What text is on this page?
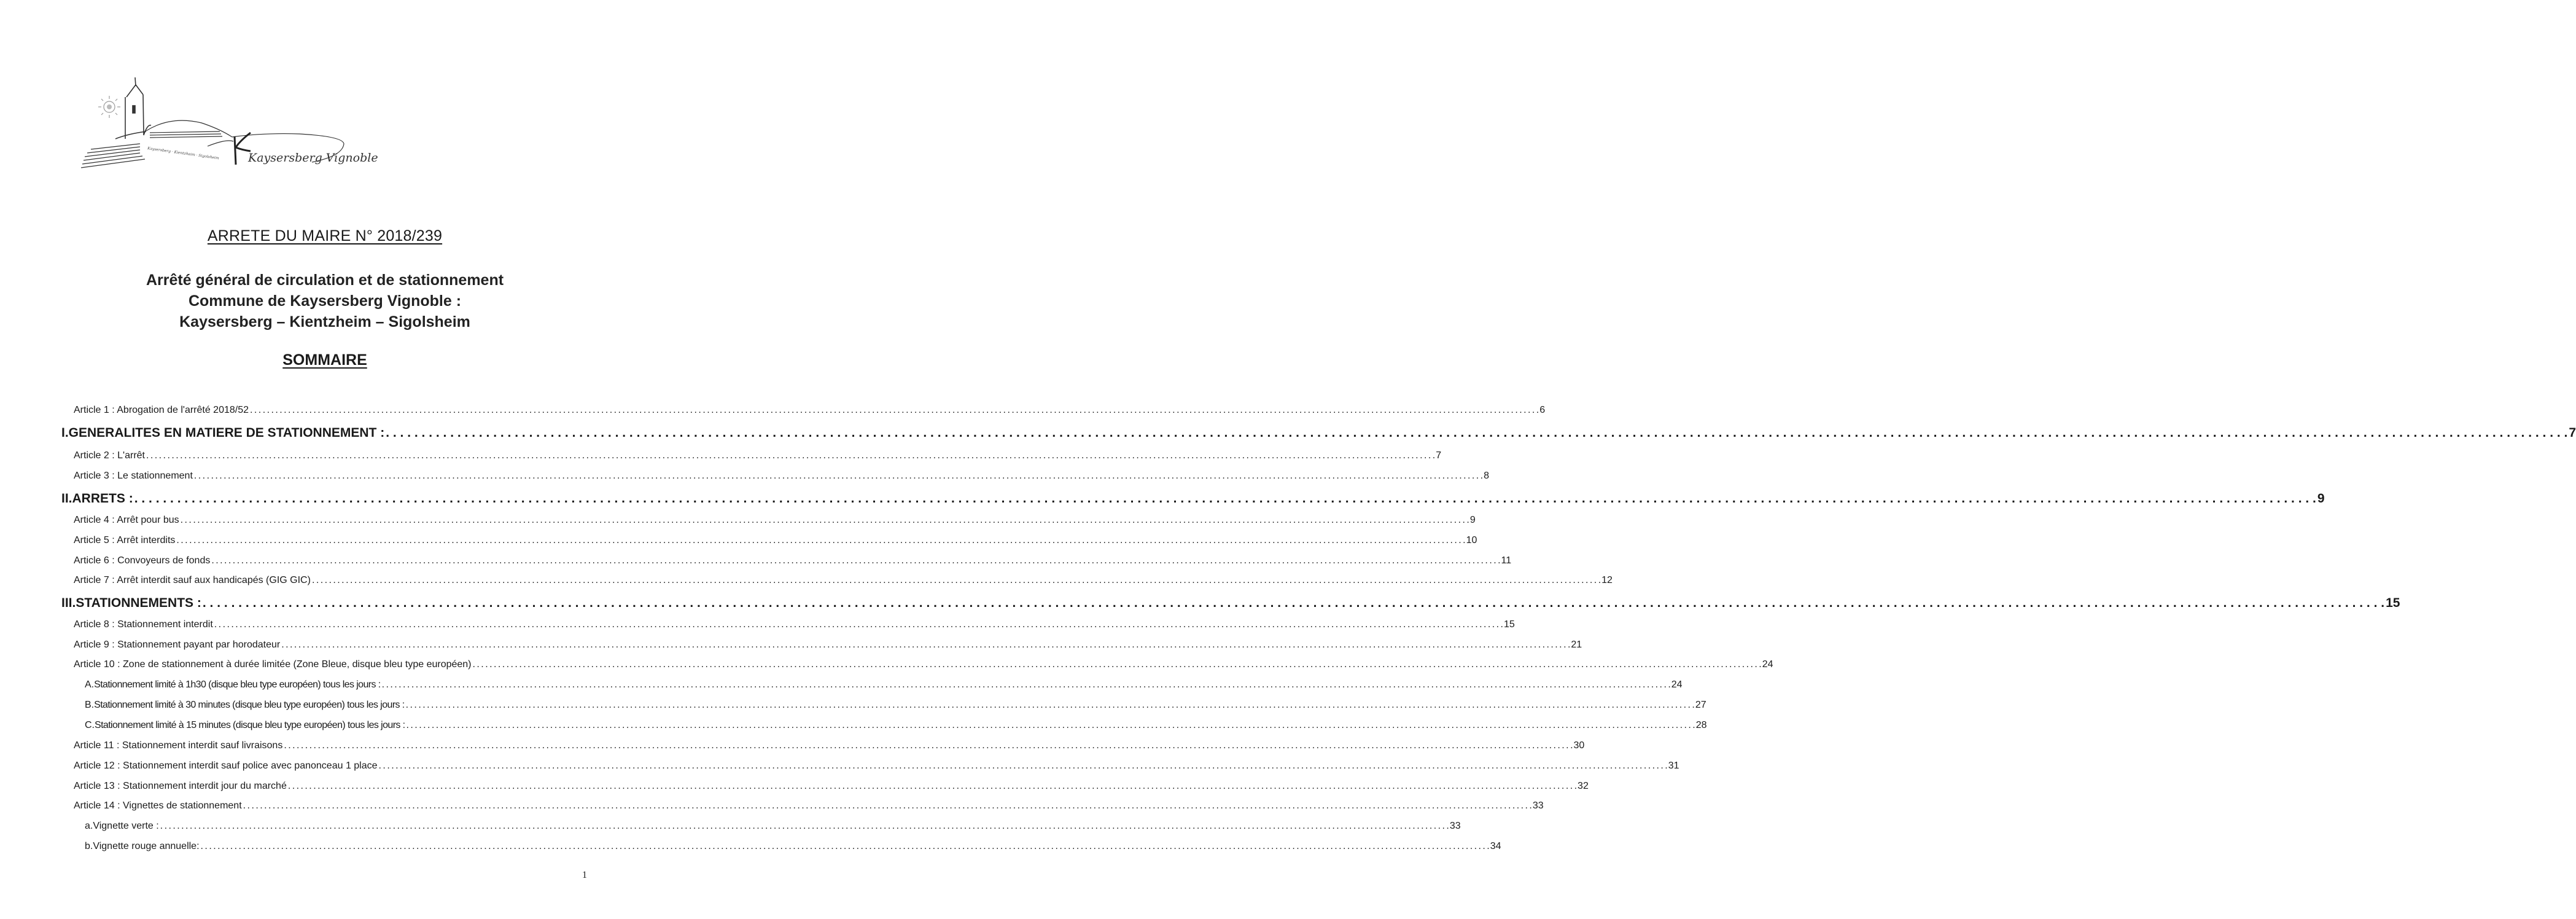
Kaysersberg · Kientzheim · Sigolsheim Kaysersberg Vignoble
ARRETE DU MAIRE N° 2018/239
Arrêté général de circulation et de stationnement
Commune de Kaysersberg Vignoble :
Kaysersberg – Kientzheim – Sigolsheim
SOMMAIRE
Article 1 : Abrogation de l'arrêté 2018/52 . . .	6
I. GENERALITES EN MATIERE DE STATIONNEMENT : . . .	7
Article 2 : L'arrêt . . .	7
Article 3 : Le stationnement . . .	8
II. ARRETS : . . .	9
Article 4 : Arrêt pour bus . . .	9
Article 5 : Arrêt interdits . . .	10
Article 6 : Convoyeurs de fonds . . .	11
Article 7 : Arrêt interdit sauf aux handicapés (GIG GIC) . . .	12
III. STATIONNEMENTS : . . .	15
Article 8 : Stationnement interdit . . .	15
Article 9 : Stationnement payant par horodateur . . .	21
Article 10 : Zone de stationnement à durée limitée (Zone Bleue, disque bleu type européen) . . .	24
A. Stationnement limité à 1h30 (disque bleu type européen) tous les jours : . . .	24
B. Stationnement limité à 30 minutes (disque bleu type européen) tous les jours : . . .	27
C. Stationnement limité à 15 minutes (disque bleu type européen) tous les jours : . . .	28
Article 11 : Stationnement interdit sauf livraisons . . .	30
Article 12 : Stationnement interdit sauf police avec panonceau 1 place . . .	31
Article 13 : Stationnement interdit jour du marché . . .	32
Article 14 : Vignettes de stationnement . . .	33
a. Vignette verte : . . .	33
b. Vignette rouge annuelle: . . .	34
1
